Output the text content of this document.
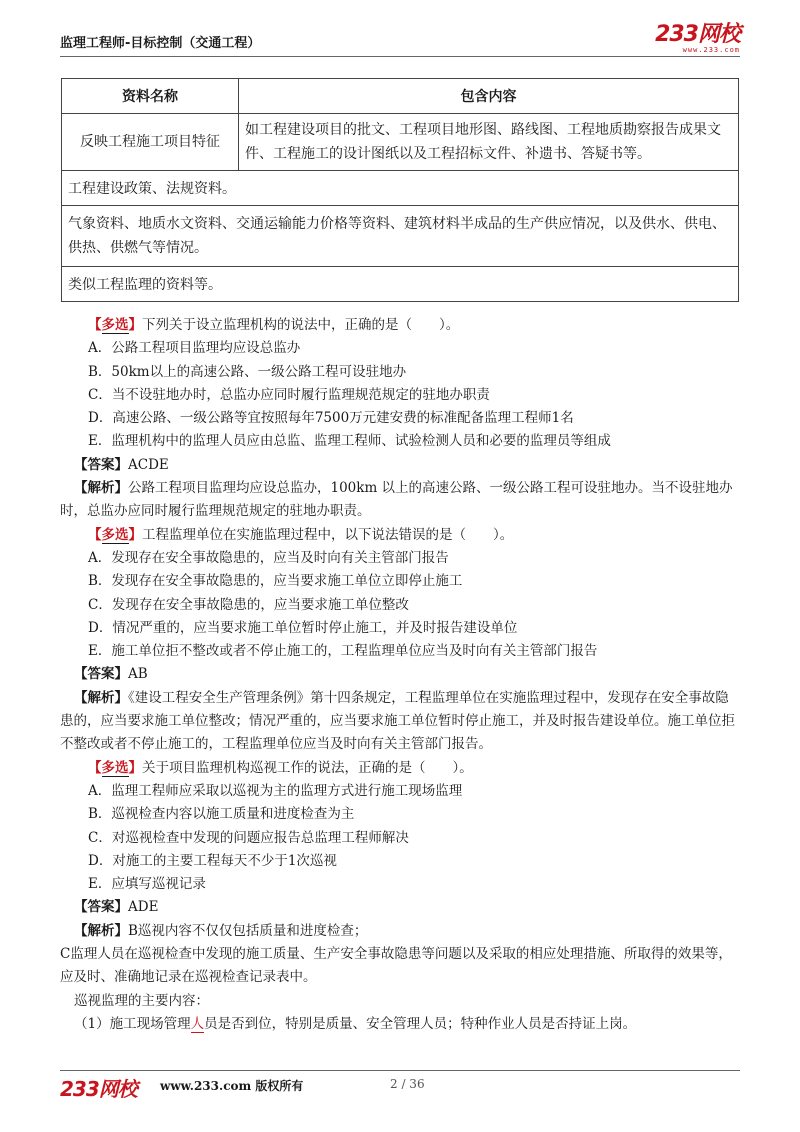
监理工程师-目标控制（交通工程）	233网校
www.233.com
资料名称	包含内容
反映工程施工项目特征	如工程建设项目的批文、工程项目地形图、路线图、工程地质勘察报告成果文件、工程施工的设计图纸以及工程招标文件、补遗书、答疑书等。
工程建设政策、法规资料。	
气象资料、地质水文资料、交通运输能力价格等资料、建筑材料半成品的生产供应情况，以及供水、供电、供热、供燃气等情况。	
类似工程监理的资料等。	

【多选】下列关于设立监理机构的说法中，正确的是（　　）。

A．公路工程项目监理均应设总监办

B．50km以上的高速公路、一级公路工程可设驻地办

C．当不设驻地办时，总监办应同时履行监理规范规定的驻地办职责

D．高速公路、一级公路等宜按照每年7500万元建安费的标准配备监理工程师1名

E．监理机构中的监理人员应由总监、监理工程师、试验检测人员和必要的监理员等组成

【答案】ACDE

【解析】公路工程项目监理均应设总监办，100km 以上的高速公路、一级公路工程可设驻地办。当不设驻地办时，总监办应同时履行监理规范规定的驻地办职责。

【多选】工程监理单位在实施监理过程中，以下说法错误的是（　　）。

A．发现存在安全事故隐患的，应当及时向有关主管部门报告

B．发现存在安全事故隐患的，应当要求施工单位立即停止施工

C．发现存在安全事故隐患的，应当要求施工单位整改

D．情况严重的，应当要求施工单位暂时停止施工，并及时报告建设单位

E．施工单位拒不整改或者不停止施工的，工程监理单位应当及时向有关主管部门报告

【答案】AB

【解析】《建设工程安全生产管理条例》第十四条规定，工程监理单位在实施监理过程中，发现存在安全事故隐患的，应当要求施工单位整改；情况严重的，应当要求施工单位暂时停止施工，并及时报告建设单位。施工单位拒不整改或者不停止施工的，工程监理单位应当及时向有关主管部门报告。

【多选】关于项目监理机构巡视工作的说法，正确的是（　　）。

A．监理工程师应采取以巡视为主的监理方式进行施工现场监理

B．巡视检查内容以施工质量和进度检查为主

C．对巡视检查中发现的问题应报告总监理工程师解决

D．对施工的主要工程每天不少于1次巡视

E．应填写巡视记录

【答案】ADE

【解析】B巡视内容不仅仅包括质量和进度检查；

C监理人员在巡视检查中发现的施工质量、生产安全事故隐患等问题以及采取的相应处理措施、所取得的效果等，应及时、准确地记录在巡视检查记录表中。

巡视监理的主要内容：

（1）施工现场管理人员是否到位，特别是质量、安全管理人员；特种作业人员是否持证上岗。

233网校 www.233.com 版权所有	2 / 36
